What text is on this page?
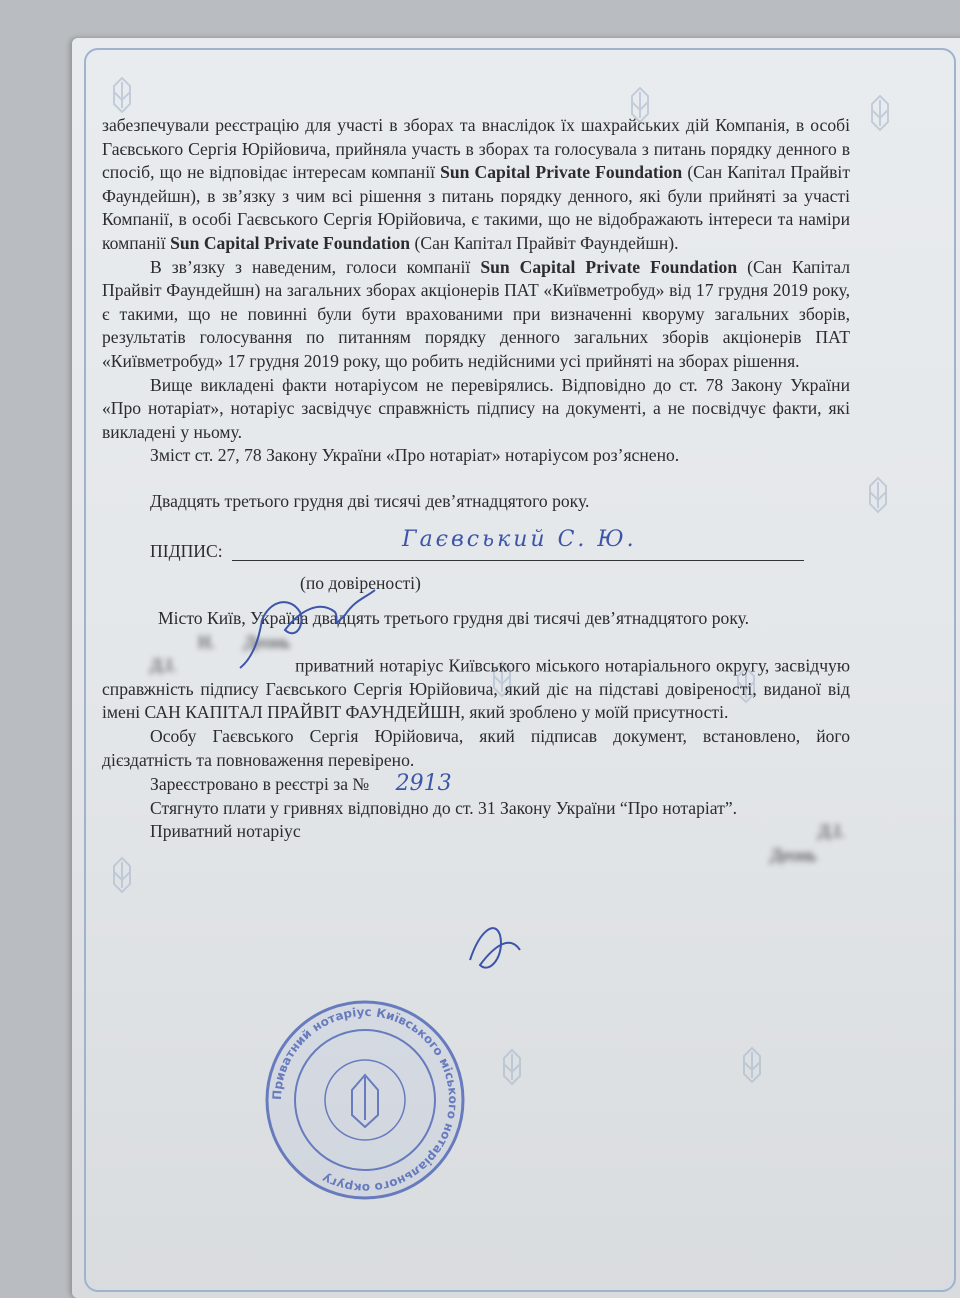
забезпечували реєстрацію для участі в зборах та внаслідок їх шахрайських дій Компанія, в особі Гаєвського Сергія Юрійовича, прийняла участь в зборах та голосувала з питань порядку денного в спосіб, що не відповідає інтересам компанії Sun Capital Private Foundation (Сан Капітал Прайвіт Фаундейшн), в зв’язку з чим всі рішення з питань порядку денного, які були прийняті за участі Компанії, в особі Гаєвського Сергія Юрійовича, є такими, що не відображають інтереси та наміри компанії Sun Capital Private Foundation (Сан Капітал Прайвіт Фаундейшн).

В зв’язку з наведеним, голоси компанії Sun Capital Private Foundation (Сан Капітал Прайвіт Фаундейшн) на загальних зборах акціонерів ПАТ «Київметробуд» від 17 грудня 2019 року, є такими, що не повинні були бути врахованими при визначенні кворуму загальних зборів, результатів голосування по питанням порядку денного загальних зборів акціонерів ПАТ «Київметробуд» 17 грудня 2019 року, що робить недійсними усі прийняті на зборах рішення.

Вище викладені факти нотаріусом не перевірялись. Відповідно до ст. 78 Закону України «Про нотаріат», нотаріус засвідчує справжність підпису на документі, а не посвідчує факти, які викладені у ньому.

Зміст ст. 27, 78 Закону України «Про нотаріат» нотаріусом роз’яснено.

Двадцять третього грудня дві тисячі дев’ятнадцятого року.

ПІДПИС:	Гаєвський С. Ю.

(по довіреності)

Місто Київ, Україна двадцять третього грудня дві тисячі дев’ятнадцятого року.

Н. Деонь Д.І.	приватний нотаріус Київського міського нотаріального округу, засвідчую справжність підпису Гаєвського Сергія Юрійовича, який діє на підставі довіреності, виданої від імені САН КАПІТАЛ ПРАЙВІТ ФАУНДЕЙШН, який зроблено у моїй присутності.

Особу Гаєвського Сергія Юрійовича, який підписав документ, встановлено, його дієздатність та повноваження перевірено.

Зареєстровано в реєстрі за № 2913

Стягнуто плати у гривнях відповідно до ст. 31 Закону України “Про нотаріат”.

Приватний нотаріус	Д.І. Деонь

Приватний нотаріус Київського міського нотаріального округу
